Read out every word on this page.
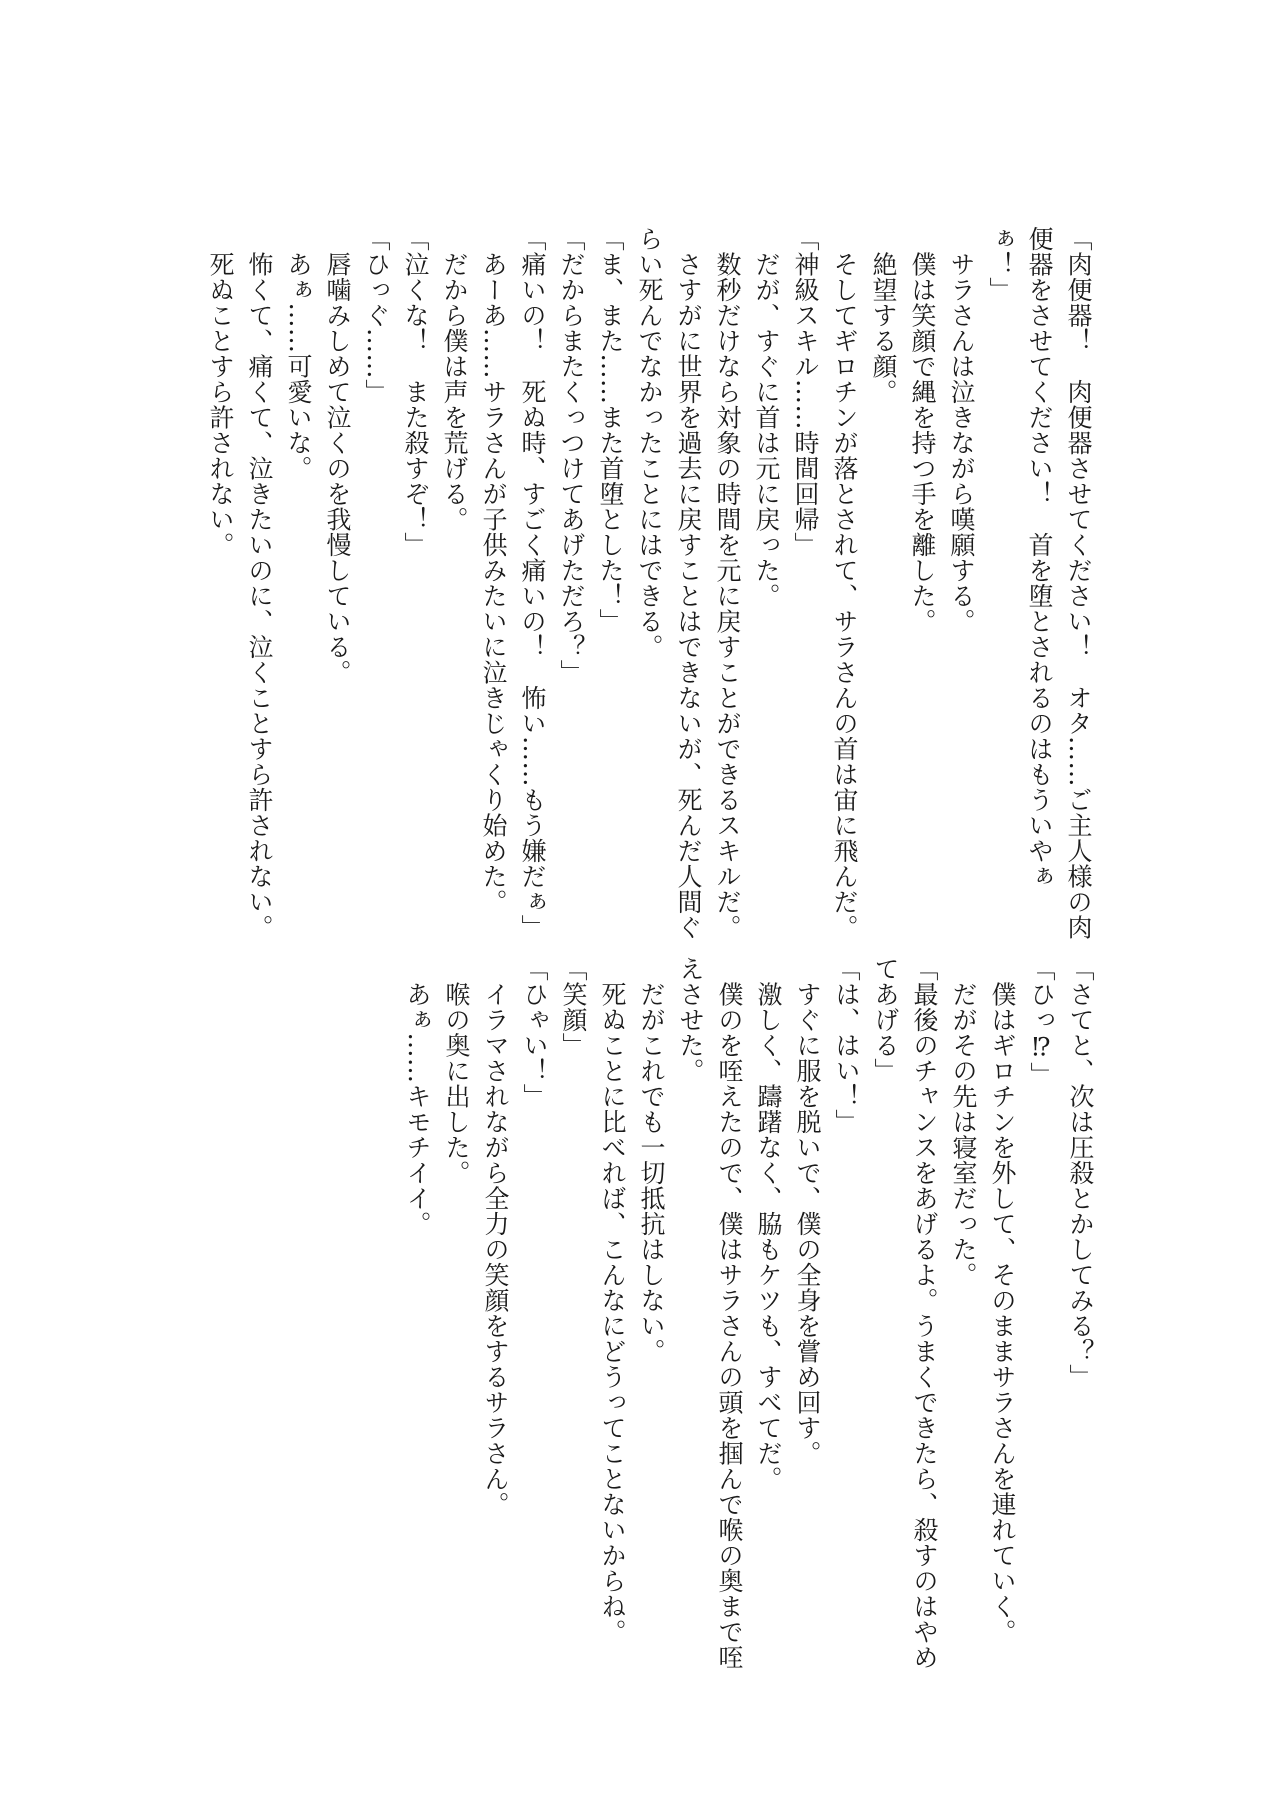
「肉便器！　肉便器させてください！　オタ……ご主人様の肉
便器をさせてください！　首を堕とされるのはもういやぁ
ぁ！」
　サラさんは泣きながら嘆願する。
　僕は笑顔で縄を持つ手を離した。
　絶望する顔。
　そしてギロチンが落とされて、サラさんの首は宙に飛んだ。
「神級スキル……時間回帰」
　だが、すぐに首は元に戻った。
　数秒だけなら対象の時間を元に戻すことができるスキルだ。
　さすがに世界を過去に戻すことはできないが、死んだ人間ぐ
らい死んでなかったことにはできる。
「ま、また……また首堕とした！」
「だからまたくっつけてあげただろ？」
「痛いの！　死ぬ時、すごく痛いの！　怖い……もう嫌だぁ」
　あーあ……サラさんが子供みたいに泣きじゃくり始めた。
　だから僕は声を荒げる。
「泣くな！　また殺すぞ！」
「ひっぐ……」
　唇噛みしめて泣くのを我慢している。
　あぁ……可愛いな。
　怖くて、痛くて、泣きたいのに、泣くことすら許されない。
　死ぬことすら許されない。
「さてと、次は圧殺とかしてみる？」
「ひっ⁉」
　僕はギロチンを外して、そのままサラさんを連れていく。
　だがその先は寝室だった。
「最後のチャンスをあげるよ。うまくできたら、殺すのはやめ
てあげる」
「は、はい！」
　すぐに服を脱いで、僕の全身を嘗め回す。
　激しく、躊躇なく、脇もケツも、すべてだ。
　僕のを咥えたので、僕はサラさんの頭を掴んで喉の奥まで咥
えさせた。
　だがこれでも一切抵抗はしない。
　死ぬことに比べれば、こんなにどうってことないからね。
「笑顔」
「ひゃい！」
　イラマされながら全力の笑顔をするサラさん。
　喉の奥に出した。
　あぁ……キモチイイ。
